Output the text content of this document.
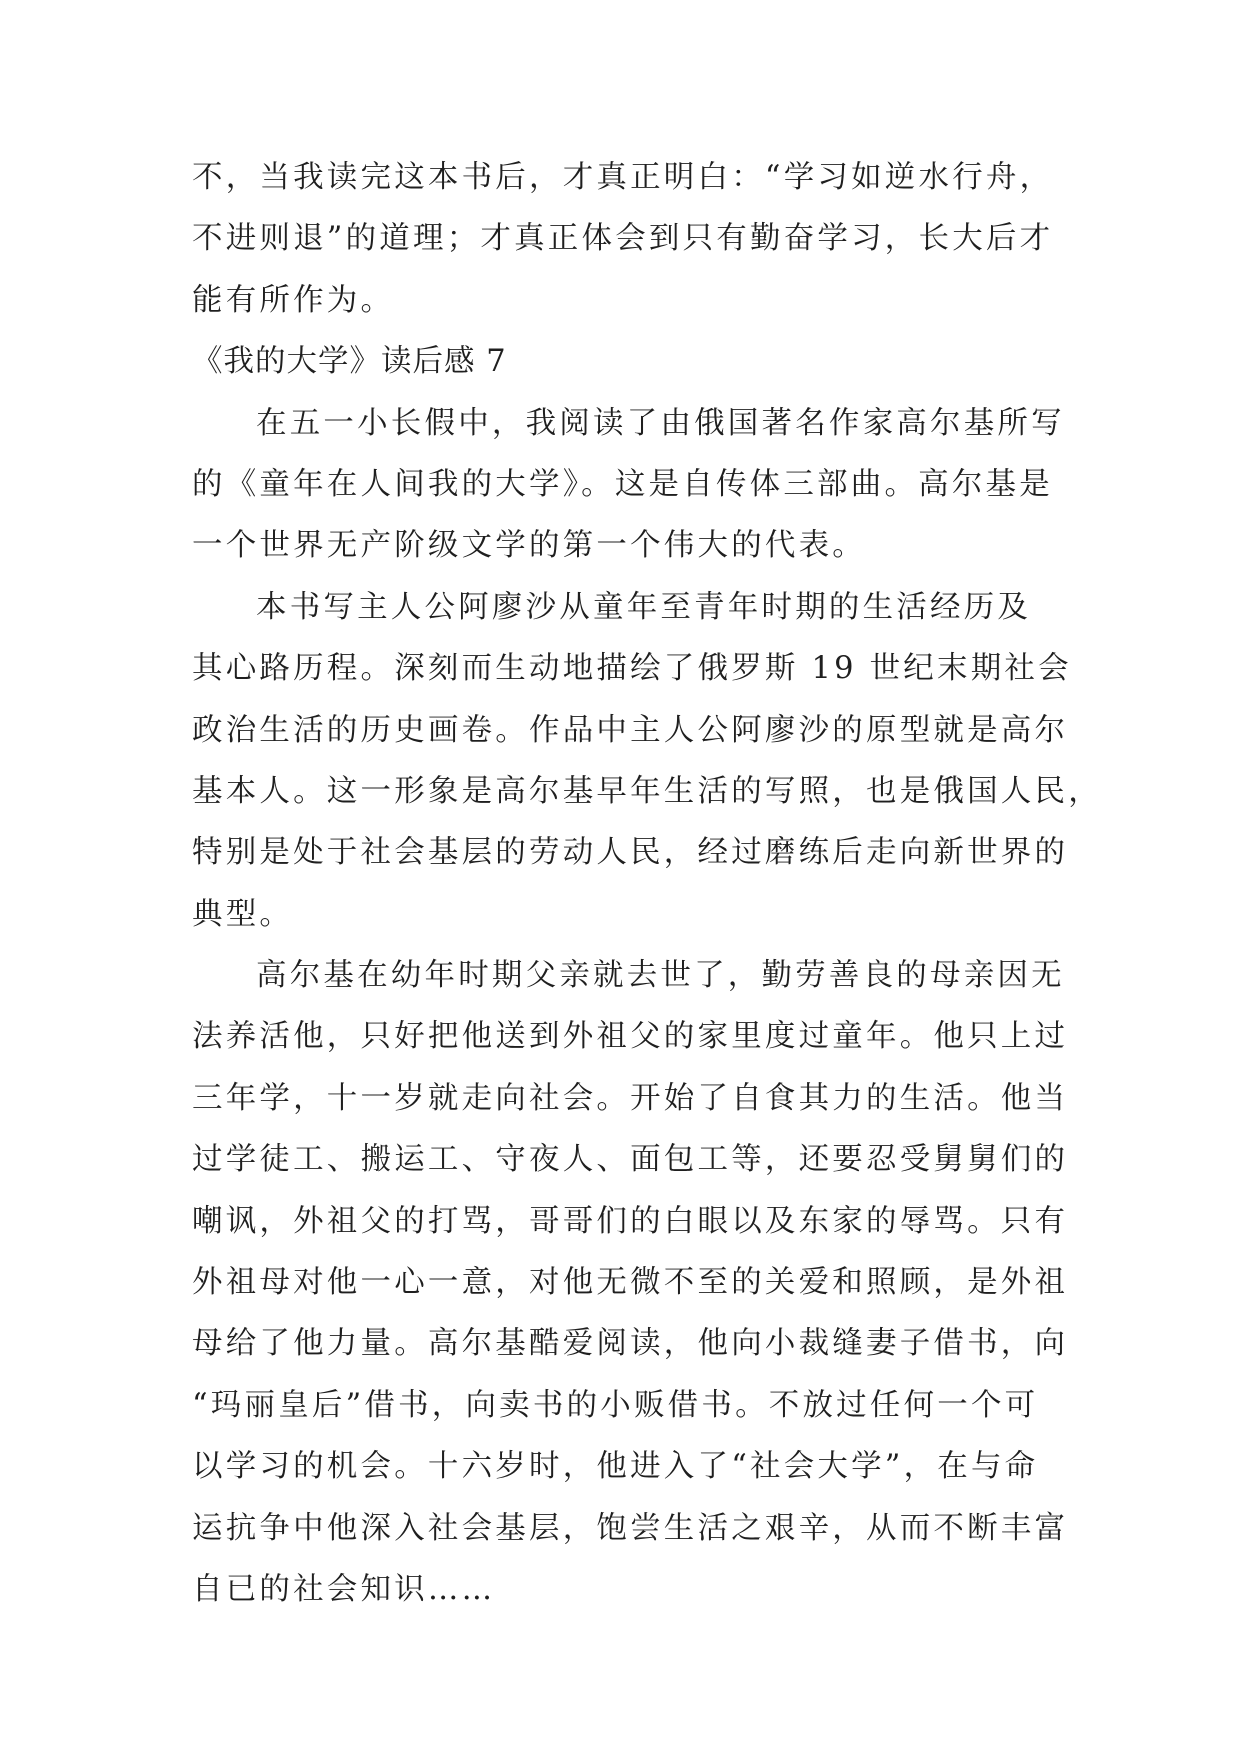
不，当我读完这本书后，才真正明白：“学习如逆水行舟，
不进则退”的道理；才真正体会到只有勤奋学习，长大后才
能有所作为。
《我的大学》读后感 7
在五一小长假中，我阅读了由俄国著名作家高尔基所写
的《童年在人间我的大学》。这是自传体三部曲。高尔基是
一个世界无产阶级文学的第一个伟大的代表。
本书写主人公阿廖沙从童年至青年时期的生活经历及
其心路历程。深刻而生动地描绘了俄罗斯 19 世纪末期社会
政治生活的历史画卷。作品中主人公阿廖沙的原型就是高尔
基本人。这一形象是高尔基早年生活的写照，也是俄国人民，
特别是处于社会基层的劳动人民，经过磨练后走向新世界的
典型。
高尔基在幼年时期父亲就去世了，勤劳善良的母亲因无
法养活他，只好把他送到外祖父的家里度过童年。他只上过
三年学，十一岁就走向社会。开始了自食其力的生活。他当
过学徒工、搬运工、守夜人、面包工等，还要忍受舅舅们的
嘲讽，外祖父的打骂，哥哥们的白眼以及东家的辱骂。只有
外祖母对他一心一意，对他无微不至的关爱和照顾，是外祖
母给了他力量。高尔基酷爱阅读，他向小裁缝妻子借书，向
“玛丽皇后”借书，向卖书的小贩借书。不放过任何一个可
以学习的机会。十六岁时，他进入了“社会大学”，在与命
运抗争中他深入社会基层，饱尝生活之艰辛，从而不断丰富
自已的社会知识……
